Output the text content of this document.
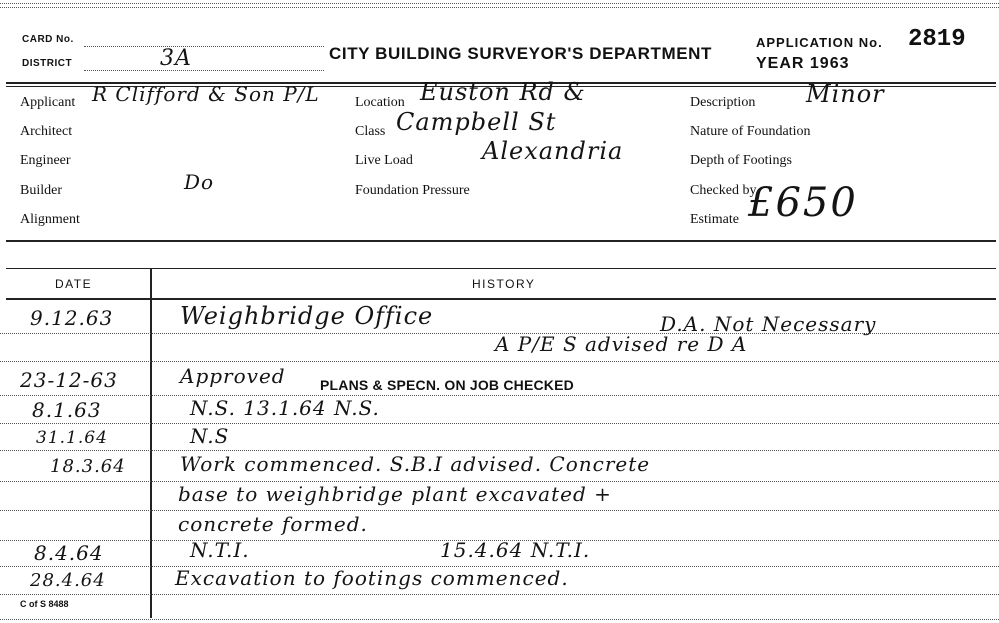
CARD No.
DISTRICT	3A	CITY BUILDING SURVEYOR'S DEPARTMENT
APPLICATION No. 2819
YEAR 1963
Applicant R Clifford & Son P/L
Architect
Engineer
Builder	Do
Alignment
Location Euston Rd &
Class Campbell St
Live Load	Alexandria
Foundation Pressure
Description Minor
Nature of Foundation
Depth of Footings
Checked by
Estimate £650
DATE	HISTORY
9.12.63	Weighbridge Office	D.A. Not Necessary
A P/E S advised re D A
23-12-63	Approved PLANS & SPECN. ON JOB CHECKED
8.1.63	N.S. 13.1.64 N.S.
31.1.64	N.S
18.3.64	Work commenced. S.B.I advised. Concrete
base to weighbridge plant excavated +
concrete formed.
8.4.64	N.T.I.	15.4.64 N.T.I.
28.4.64	Excavation to footings commenced.
C of S 8488
